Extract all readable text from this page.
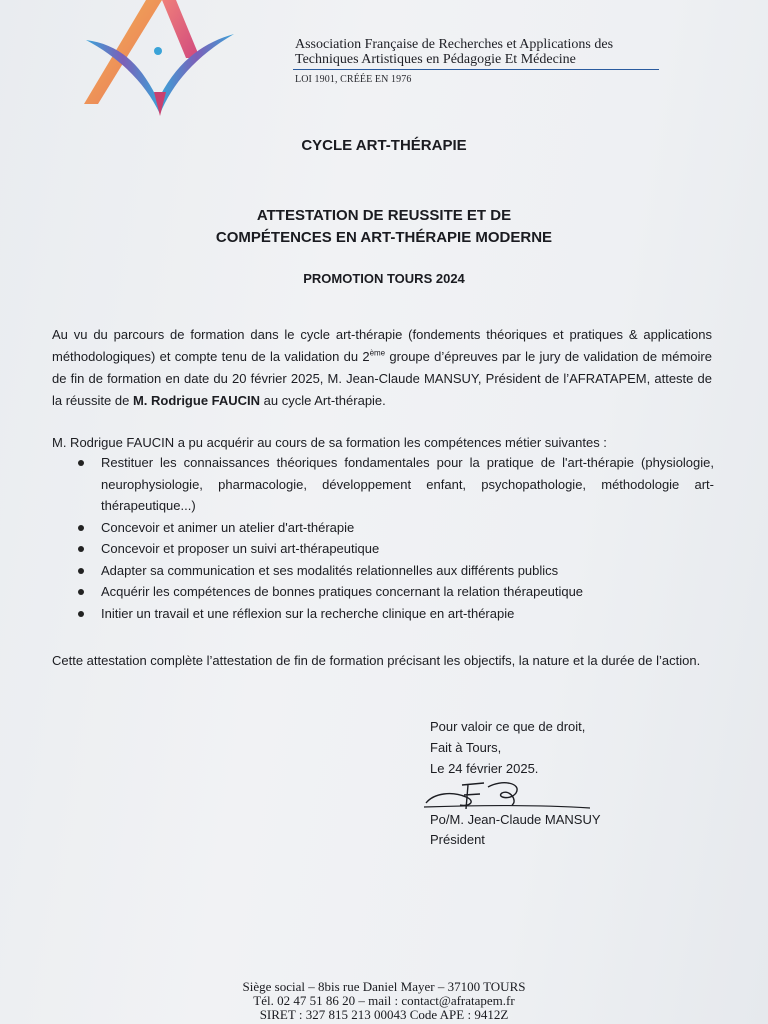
Association Française de Recherches et Applications des
Techniques Artistiques en Pédagogie Et Médecine
LOI 1901, CRÉÉE EN 1976
CYCLE ART-THÉRAPIE
ATTESTATION DE REUSSITE ET DE
COMPÉTENCES EN ART-THÉRAPIE MODERNE
PROMOTION TOURS 2024
Au vu du parcours de formation dans le cycle art-thérapie (fondements théoriques et pratiques & applications méthodologiques) et compte tenu de la validation du 2ème groupe d’épreuves par le jury de validation de mémoire de fin de formation en date du 20 février 2025, M. Jean-Claude MANSUY, Président de l’AFRATAPEM, atteste de la réussite de M. Rodrigue FAUCIN au cycle Art-thérapie.
M. Rodrigue FAUCIN a pu acquérir au cours de sa formation les compétences métier suivantes :
Restituer les connaissances théoriques fondamentales pour la pratique de l'art-thérapie (physiologie, neurophysiologie, pharmacologie, développement enfant, psychopathologie, méthodologie art-thérapeutique...)
Concevoir et animer un atelier d'art-thérapie
Concevoir et proposer un suivi art-thérapeutique
Adapter sa communication et ses modalités relationnelles aux différents publics
Acquérir les compétences de bonnes pratiques concernant la relation thérapeutique
Initier un travail et une réflexion sur la recherche clinique en art-thérapie
Cette attestation complète l’attestation de fin de formation précisant les objectifs, la nature et la durée de l’action.
Pour valoir ce que de droit,
Fait à Tours,
Le 24 février 2025.
Po/M. Jean-Claude MANSUY
Président
Siège social – 8bis rue Daniel Mayer – 37100 TOURS
Tél. 02 47 51 86 20 – mail : contact@afratapem.fr
SIRET : 327 815 213 00043 Code APE : 9412Z
